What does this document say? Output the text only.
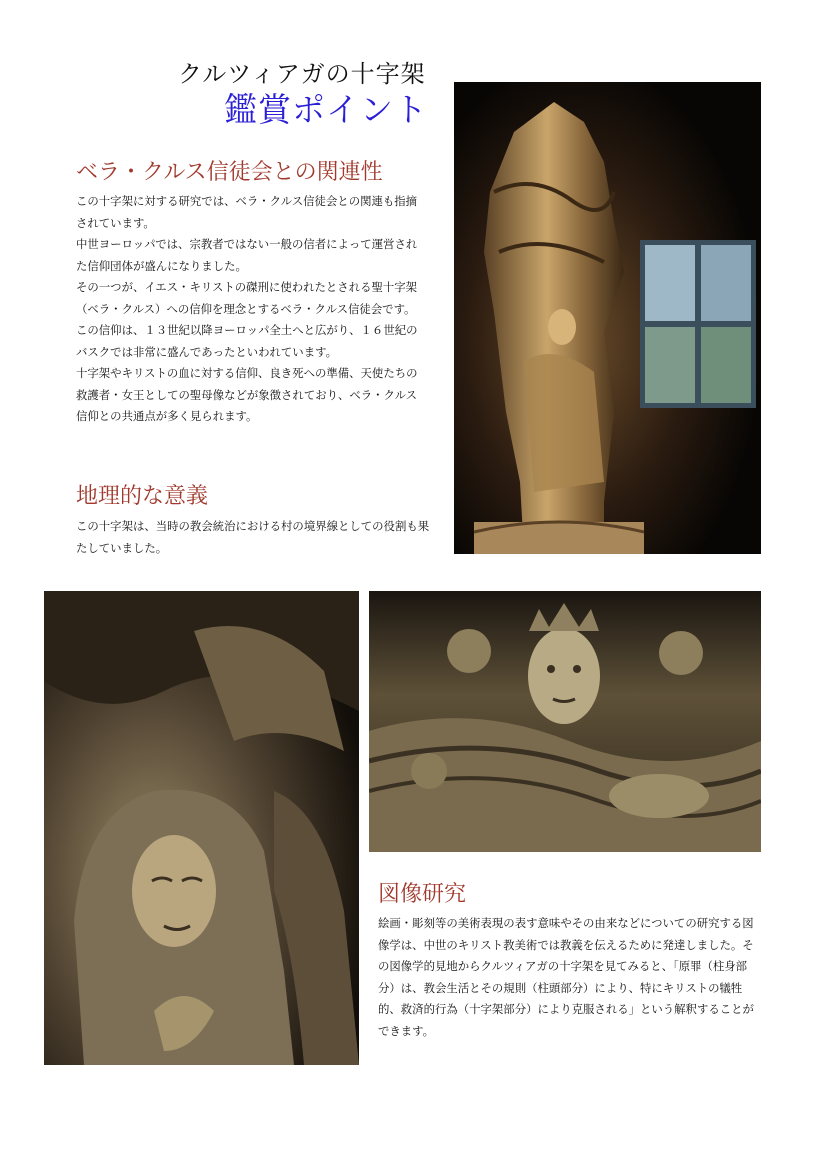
クルツィアガの十字架
鑑賞ポイント
ベラ・クルス信徒会との関連性

この十字架に対する研究では、ベラ・クルス信徒会との関連も指摘されています。

中世ヨーロッパでは、宗教者ではない一般の信者によって運営された信仰団体が盛んになりました。

その一つが、イエス・キリストの磔刑に使われたとされる聖十字架（ベラ・クルス）への信仰を理念とするベラ・クルス信徒会です。

この信仰は、１３世紀以降ヨーロッパ全土へと広がり、１６世紀のバスクでは非常に盛んであったといわれています。

十字架やキリストの血に対する信仰、良き死への準備、天使たちの救護者・女王としての聖母像などが象徴されており、ベラ・クルス信仰との共通点が多く見られます。

地理的な意義

この十字架は、当時の教会統治における村の境界線としての役割も果たしていました。

図像研究

絵画・彫刻等の美術表現の表す意味やその由来などについての研究する図像学は、中世のキリスト教美術では教義を伝えるために発達しました。その図像学的見地からクルツィアガの十字架を見てみると、「原罪（柱身部分）は、教会生活とその規則（柱頭部分）により、特にキリストの犠牲的、救済的行為（十字架部分）により克服される」という解釈することができます。
